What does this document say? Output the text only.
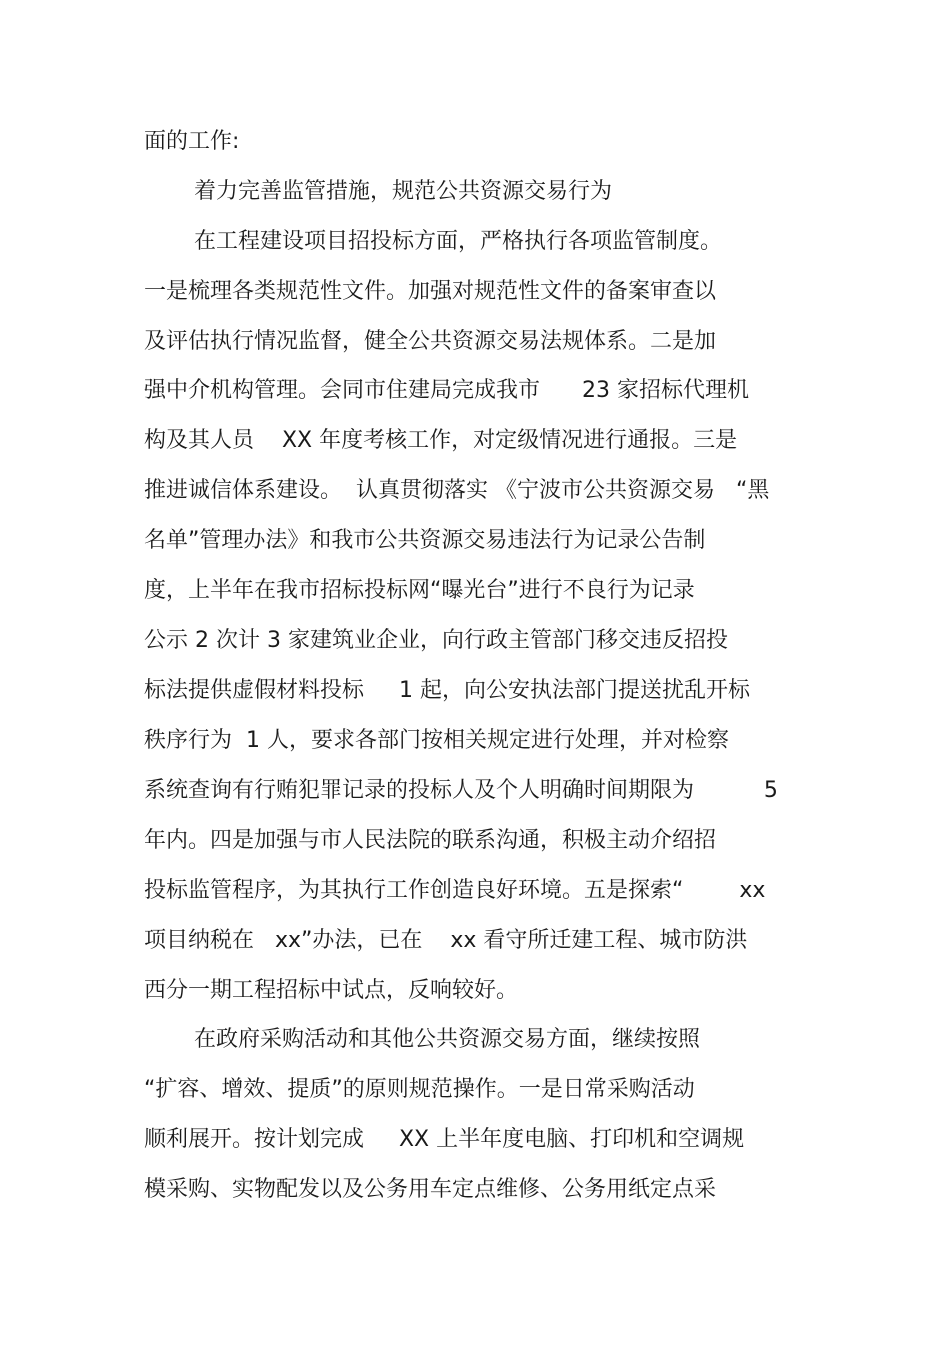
面的工作:
着力完善监管措施，规范公共资源交易行为
在工程建设项目招投标方面，严格执行各项监管制度。
一是梳理各类规范性文件。加强对规范性文件的备案审查以
及评估执行情况监督，健全公共资源交易法规体系。二是加
强中介机构管理。会同市住建局完成我市      23 家招标代理机
构及其人员    XX 年度考核工作，对定级情况进行通报。三是
推进诚信体系建设。  认真贯彻落实 《宁波市公共资源交易   “黑
名单”管理办法》和我市公共资源交易违法行为记录公告制
度，上半年在我市招标投标网“曝光台”进行不良行为记录
公示 2 次计 3 家建筑业企业，向行政主管部门移交违反招投
标法提供虚假材料投标     1 起，向公安执法部门提送扰乱开标
秩序行为  1 人，要求各部门按相关规定进行处理，并对检察
系统查询有行贿犯罪记录的投标人及个人明确时间期限为          5
年内。四是加强与市人民法院的联系沟通，积极主动介绍招
投标监管程序，为其执行工作创造良好环境。五是探索“        xx
项目纳税在   xx”办法，已在    xx 看守所迁建工程、城市防洪
西分一期工程招标中试点，反响较好。
在政府采购活动和其他公共资源交易方面，继续按照
“扩容、增效、提质”的原则规范操作。一是日常采购活动
顺利展开。按计划完成     XX 上半年度电脑、打印机和空调规
模采购、实物配发以及公务用车定点维修、公务用纸定点采
